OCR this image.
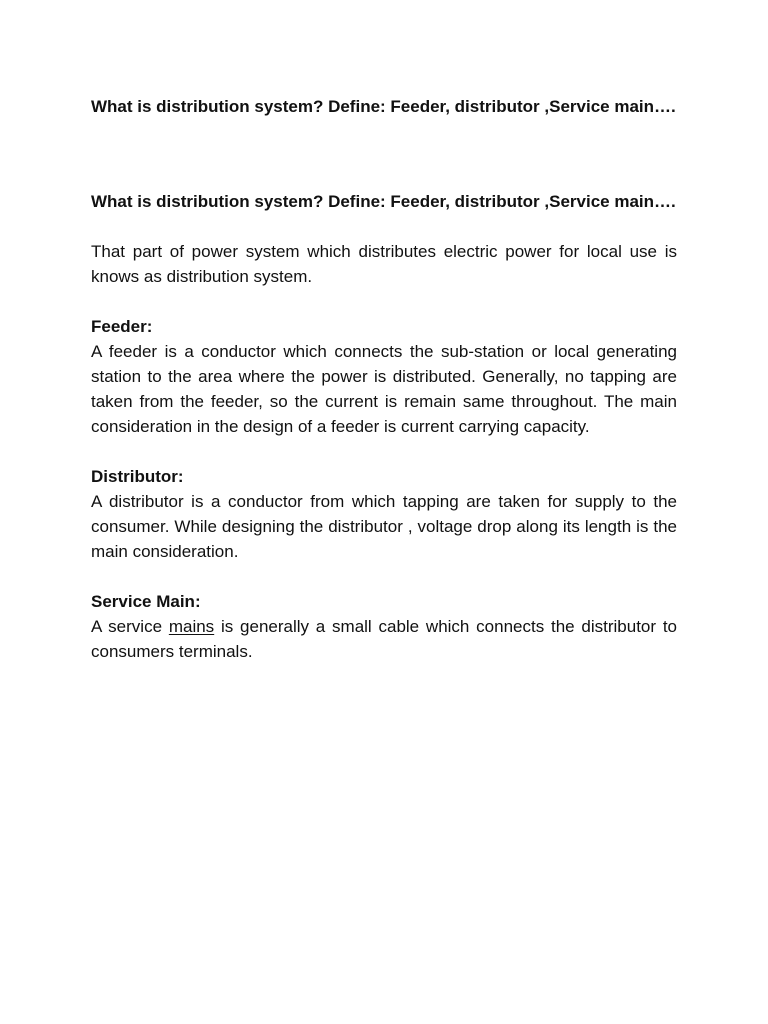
What is distribution system? Define: Feeder, distributor ,Service main….

What is distribution system? Define: Feeder, distributor ,Service main….

That part of power system which distributes electric power for local use is knows as distribution system.

Feeder:

A feeder is a conductor which connects the sub-station or local generating station to the area where the power is distributed. Generally, no tapping are taken from the feeder, so the current is remain same throughout. The main consideration in the design of a feeder is current carrying capacity.

Distributor:

A distributor is a conductor from which tapping are taken for supply to the consumer. While designing the distributor , voltage drop along its length is the main consideration.

Service Main:

A service mains is generally a small cable which connects the distributor to consumers terminals.
